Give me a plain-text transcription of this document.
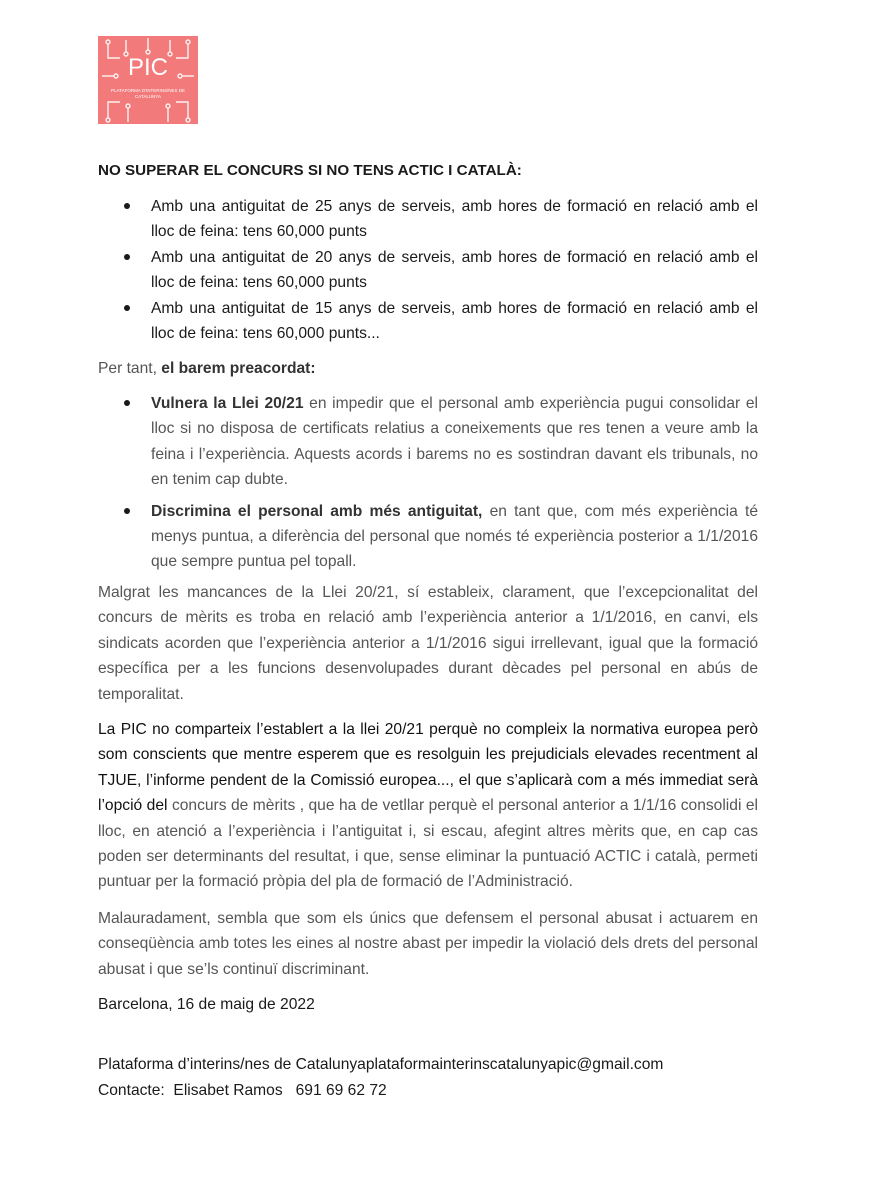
PIC
PLATAFORMA D'INTERINS/NES DE CATALUNYA
NO SUPERAR EL CONCURS SI NO TENS ACTIC I CATALÀ:
Amb una antiguitat de 25 anys de serveis, amb hores de formació en relació amb el
lloc de feina: tens 60,000 punts
Amb una antiguitat de 20 anys de serveis, amb hores de formació en relació amb el
lloc de feina: tens 60,000 punts
Amb una antiguitat de 15 anys de serveis, amb hores de formació en relació amb el
lloc de feina: tens 60,000 punts...
Per tant, el barem preacordat:
Vulnera la Llei 20/21 en impedir que el personal amb experiència pugui consolidar el lloc si no disposa de certificats relatius a coneixements que res tenen a veure amb la feina i l’experiència. Aquests acords i barems no es sostindran davant els tribunals, no en tenim cap dubte.
Discrimina el personal amb més antiguitat, en tant que, com més experiència té menys puntua, a diferència del personal que només té experiència posterior a 1/1/2016 que sempre puntua pel topall.
Malgrat les mancances de la Llei 20/21, sí estableix, clarament, que l’excepcionalitat del concurs de mèrits es troba en relació amb l’experiència anterior a 1/1/2016, en canvi, els sindicats acorden que l’experiència anterior a 1/1/2016 sigui irrellevant, igual que la formació específica per a les funcions desenvolupades durant dècades pel personal en abús de temporalitat.
La PIC no comparteix l’establert a la llei 20/21 perquè no compleix la normativa europea però som conscients que mentre esperem que es resolguin les prejudicials elevades recentment al TJUE, l’informe pendent de la Comissió europea..., el que s’aplicarà com a més immediat serà l’opció del concurs de mèrits , que ha de vetllar perquè el personal anterior a 1/1/16 consolidi el lloc, en atenció a l’experiència i l’antiguitat i, si escau, afegint altres mèrits que, en cap cas poden ser determinants del resultat, i que, sense eliminar la puntuació ACTIC i català, permeti puntuar per la formació pròpia del pla de formació de l’Administració.
Malauradament, sembla que som els únics que defensem el personal abusat i actuarem en conseqüència amb totes les eines al nostre abast per impedir la violació dels drets del personal abusat i que se’ls continuï discriminant.
Barcelona, 16 de maig de 2022
Plataforma d’interins/nes de Catalunyaplataformainterinscatalunyapic@gmail.com
Contacte: Elisabet Ramos 691 69 62 72
